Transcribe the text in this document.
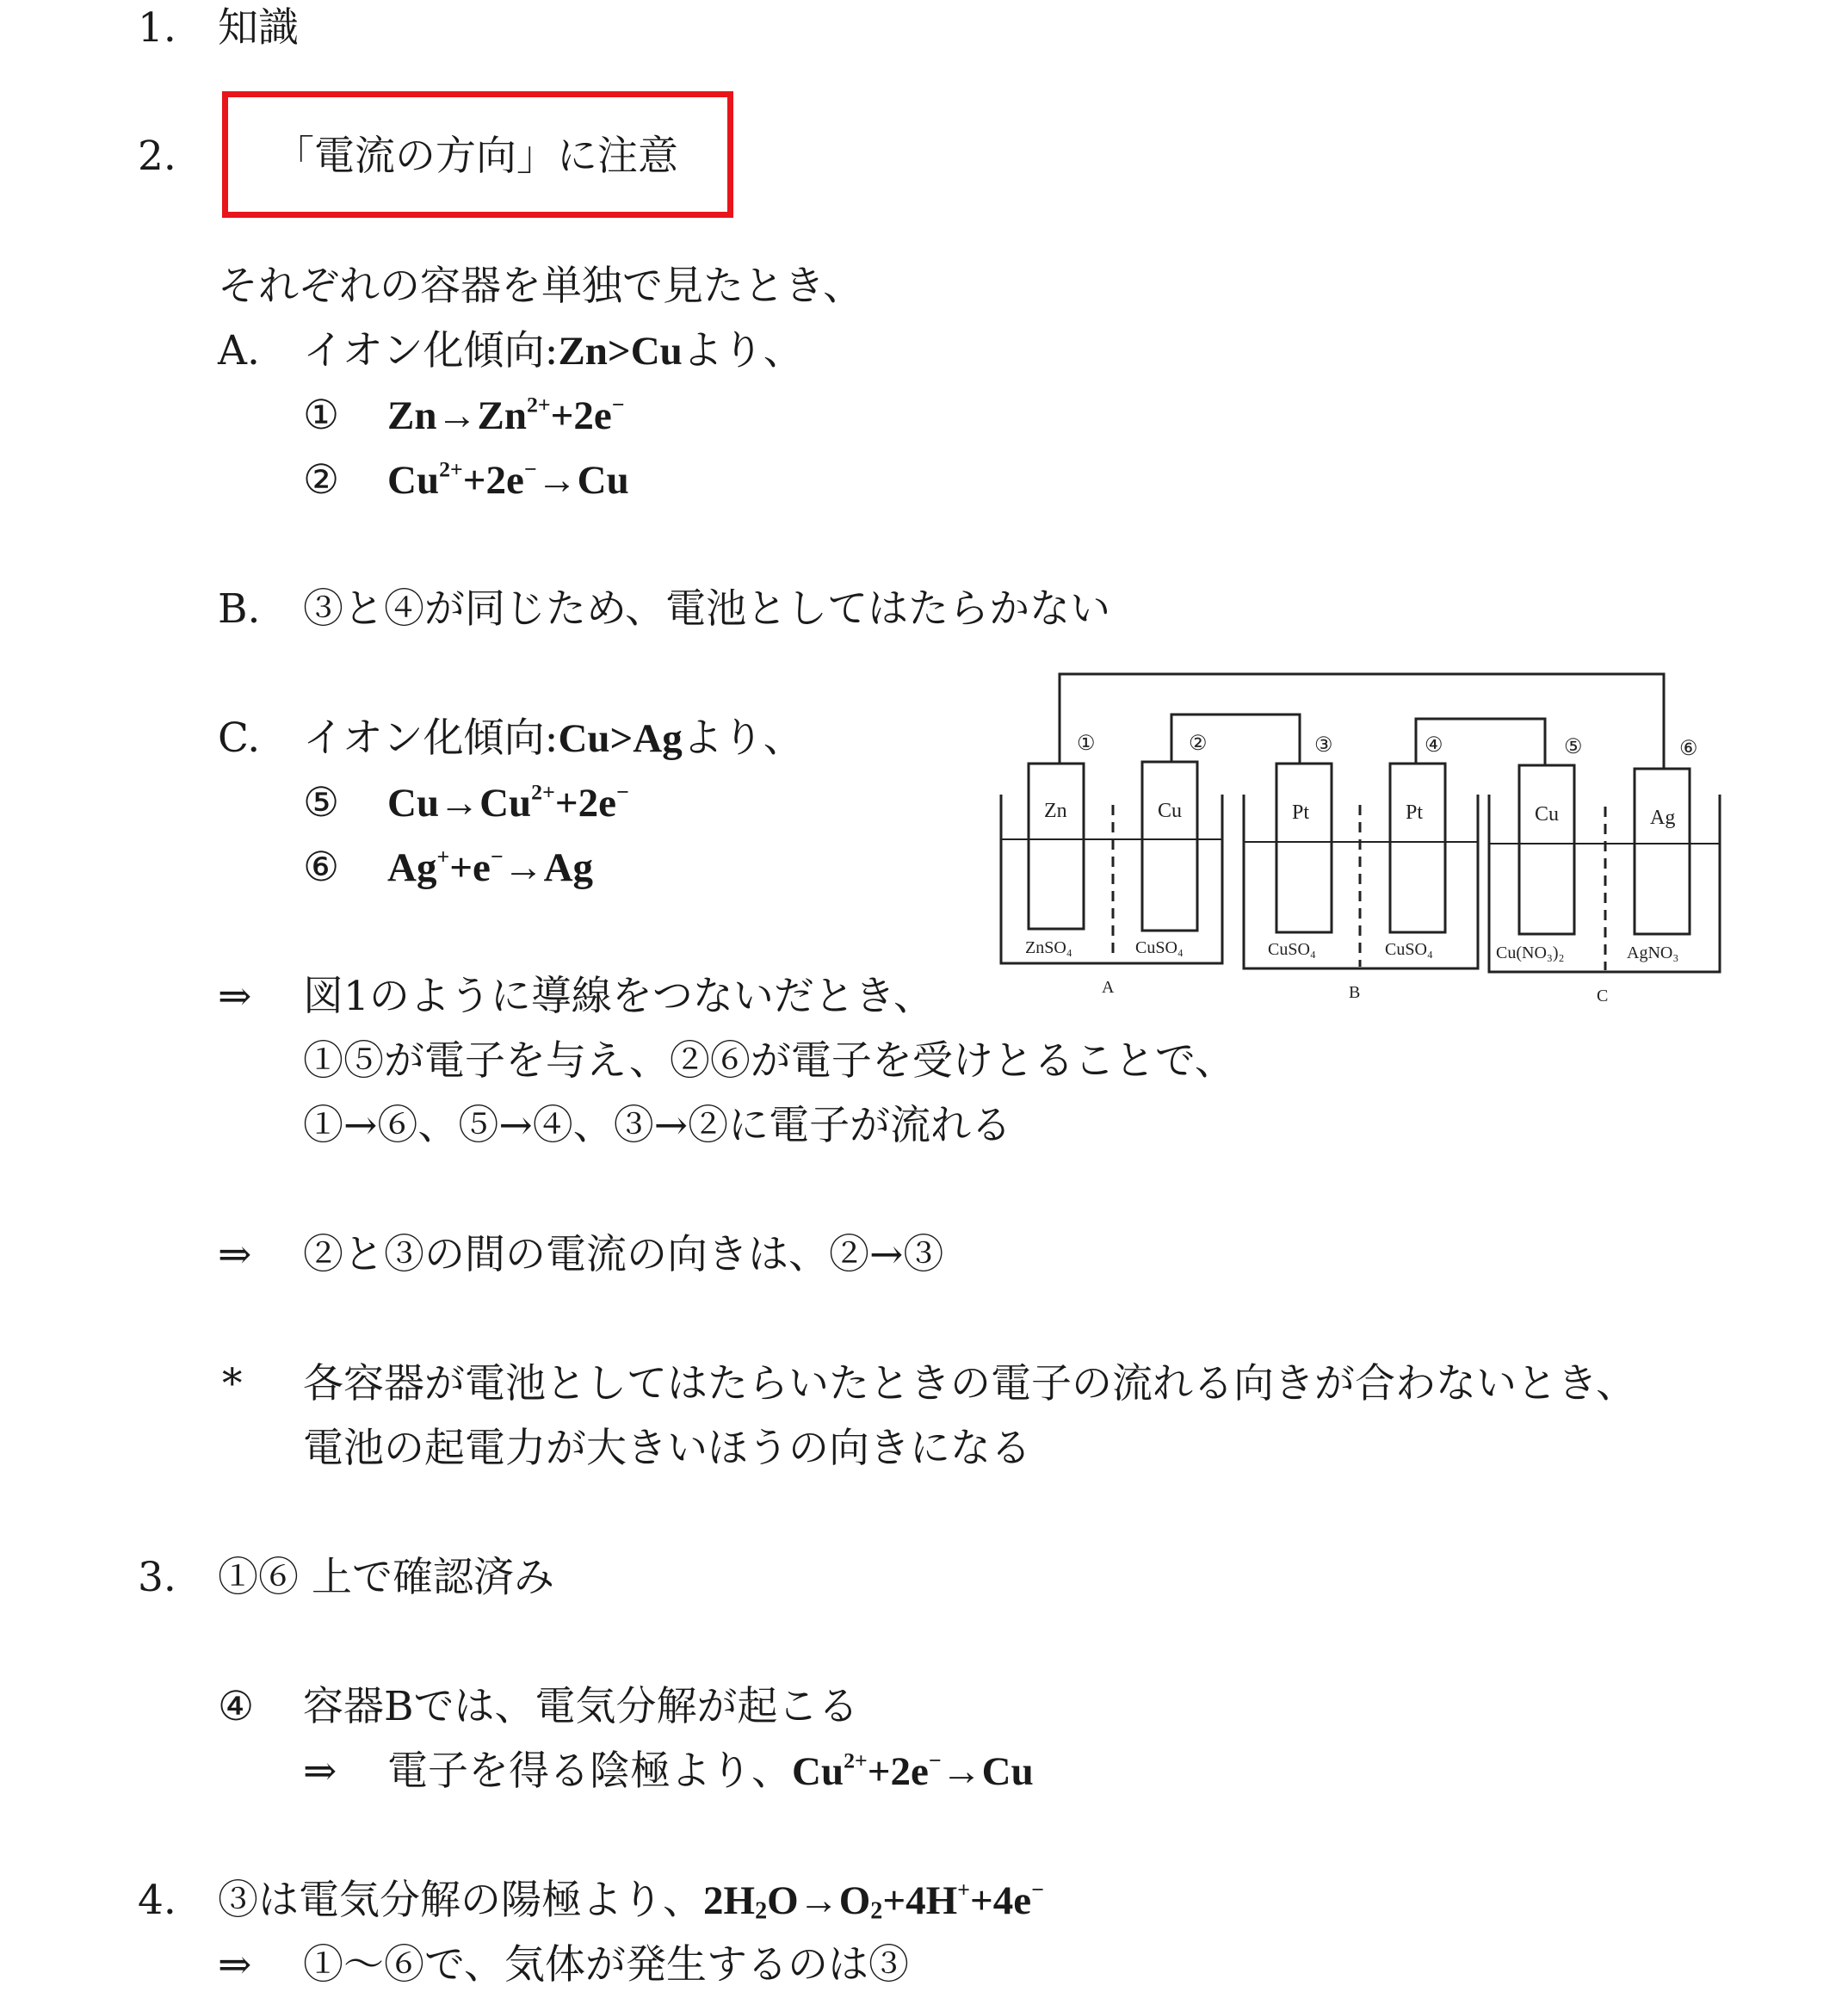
1. 知識
2. 「電流の方向」に注意
それぞれの容器を単独で見たとき、
A. イオン化傾向:Zn>Cuより、
① $Zn\to Zn^{2+}+2e^-$
② $Cu^{2+}+2e^-\to Cu$
B. ③と④が同じため、電池としてはたらかない
C. イオン化傾向:Cu>Agより、
⑤ $Cu\to Cu^{2+}+2e^-$
⑥ Ag++e−→Ag
⇒ 図1のように導線をつないだとき、
①⑤が電子を与え、②⑥が電子を受けとることで、
①→⑥、⑤→④、③→②に電子が流れる
⇒ ②と③の間の電流の向きは、②→③
* 各容器が電池としてはたらいたときの電子の流れる向きが合わないとき、
電池の起電力が大きいほうの向きになる
3. ①⑥ 上で確認済み
④ 容器Bでは、電気分解が起こる
⇒ 電子を得る陰極より、$Cu^{2+}+2e^-\to Cu$
4. ③は電気分解の陽極より、$2H_2O\to O_2+4H^++4e^-$
⇒ ①〜⑥で、気体が発生するのは③
①	②	③	④	⑤	⑥
Zn	Cu	Pt	Pt	Cu	Ag
ZnSO₄	CuSO₄	CuSO₄	CuSO₄	Cu(NO₃)₂	AgNO₃
A	B	C
